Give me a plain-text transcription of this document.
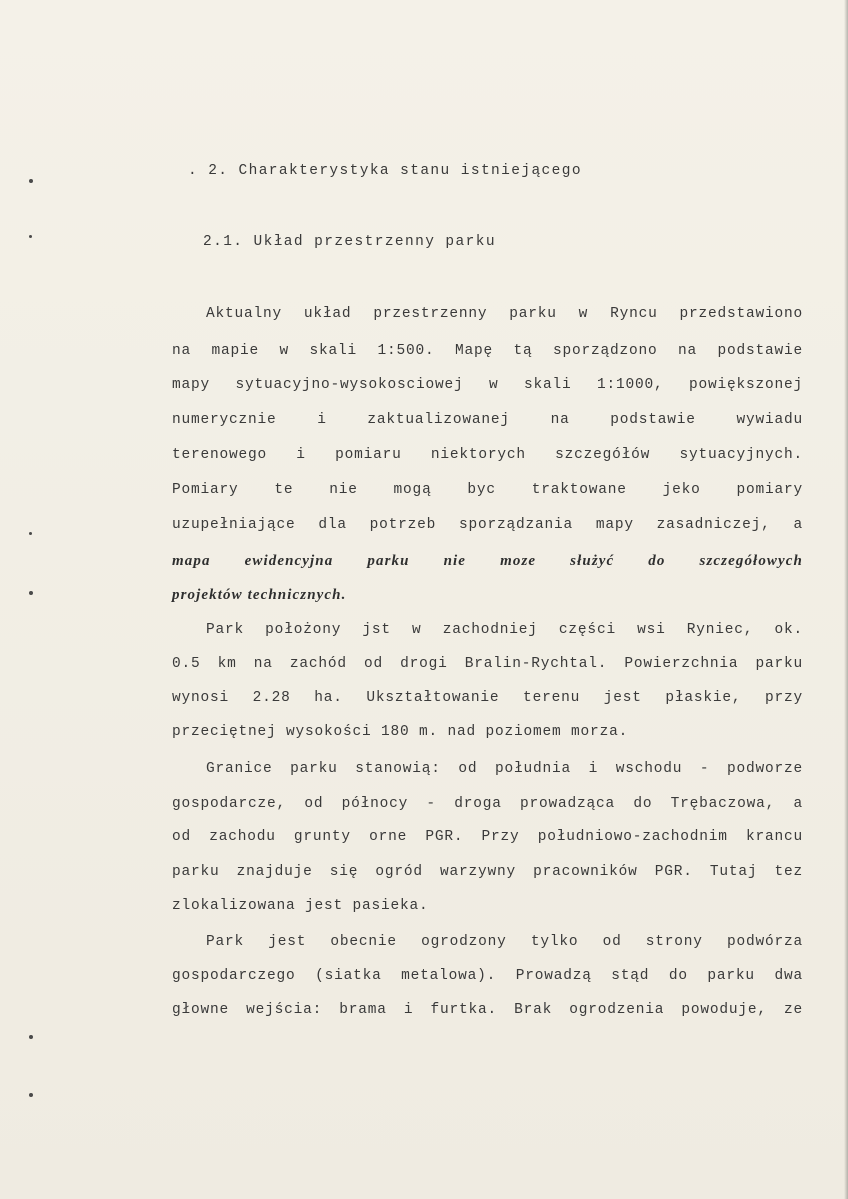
. 2. Charakterystyka stanu istniejącego
2.1. Układ przestrzenny parku
Aktualny układ przestrzenny parku w Ryncu przedstawiono
na mapie w skali 1:500. Mapę tą sporządzono na podstawie
mapy sytuacyjno-wysokosciowej w skali 1:1000, powiększonej
numerycznie i zaktualizowanej na podstawie wywiadu
terenowego i pomiaru niektorych szczegółów sytuacyjnych.
Pomiary te nie mogą byc traktowane jeko pomiary
uzupełniające dla potrzeb sporządzania mapy zasadniczej, a
mapa ewidencyjna parku nie moze służyć do szczegółowych
projektów technicznych.
Park położony jst w zachodniej części wsi Ryniec, ok.
0.5 km na zachód od drogi Bralin-Rychtal. Powierzchnia parku
wynosi 2.28 ha. Ukształtowanie terenu jest płaskie, przy
przeciętnej wysokości 180 m. nad poziomem morza.
Granice parku stanowią: od południa i wschodu - podworze
gospodarcze, od północy - droga prowadząca do Trębaczowa, a
od zachodu grunty orne PGR. Przy południowo-zachodnim krancu
parku znajduje się ogród warzywny pracowników PGR. Tutaj tez
zlokalizowana jest pasieka.
Park jest obecnie ogrodzony tylko od strony podwórza
gospodarczego (siatka metalowa). Prowadzą stąd do parku dwa
głowne wejścia: brama i furtka. Brak ogrodzenia powoduje, ze
